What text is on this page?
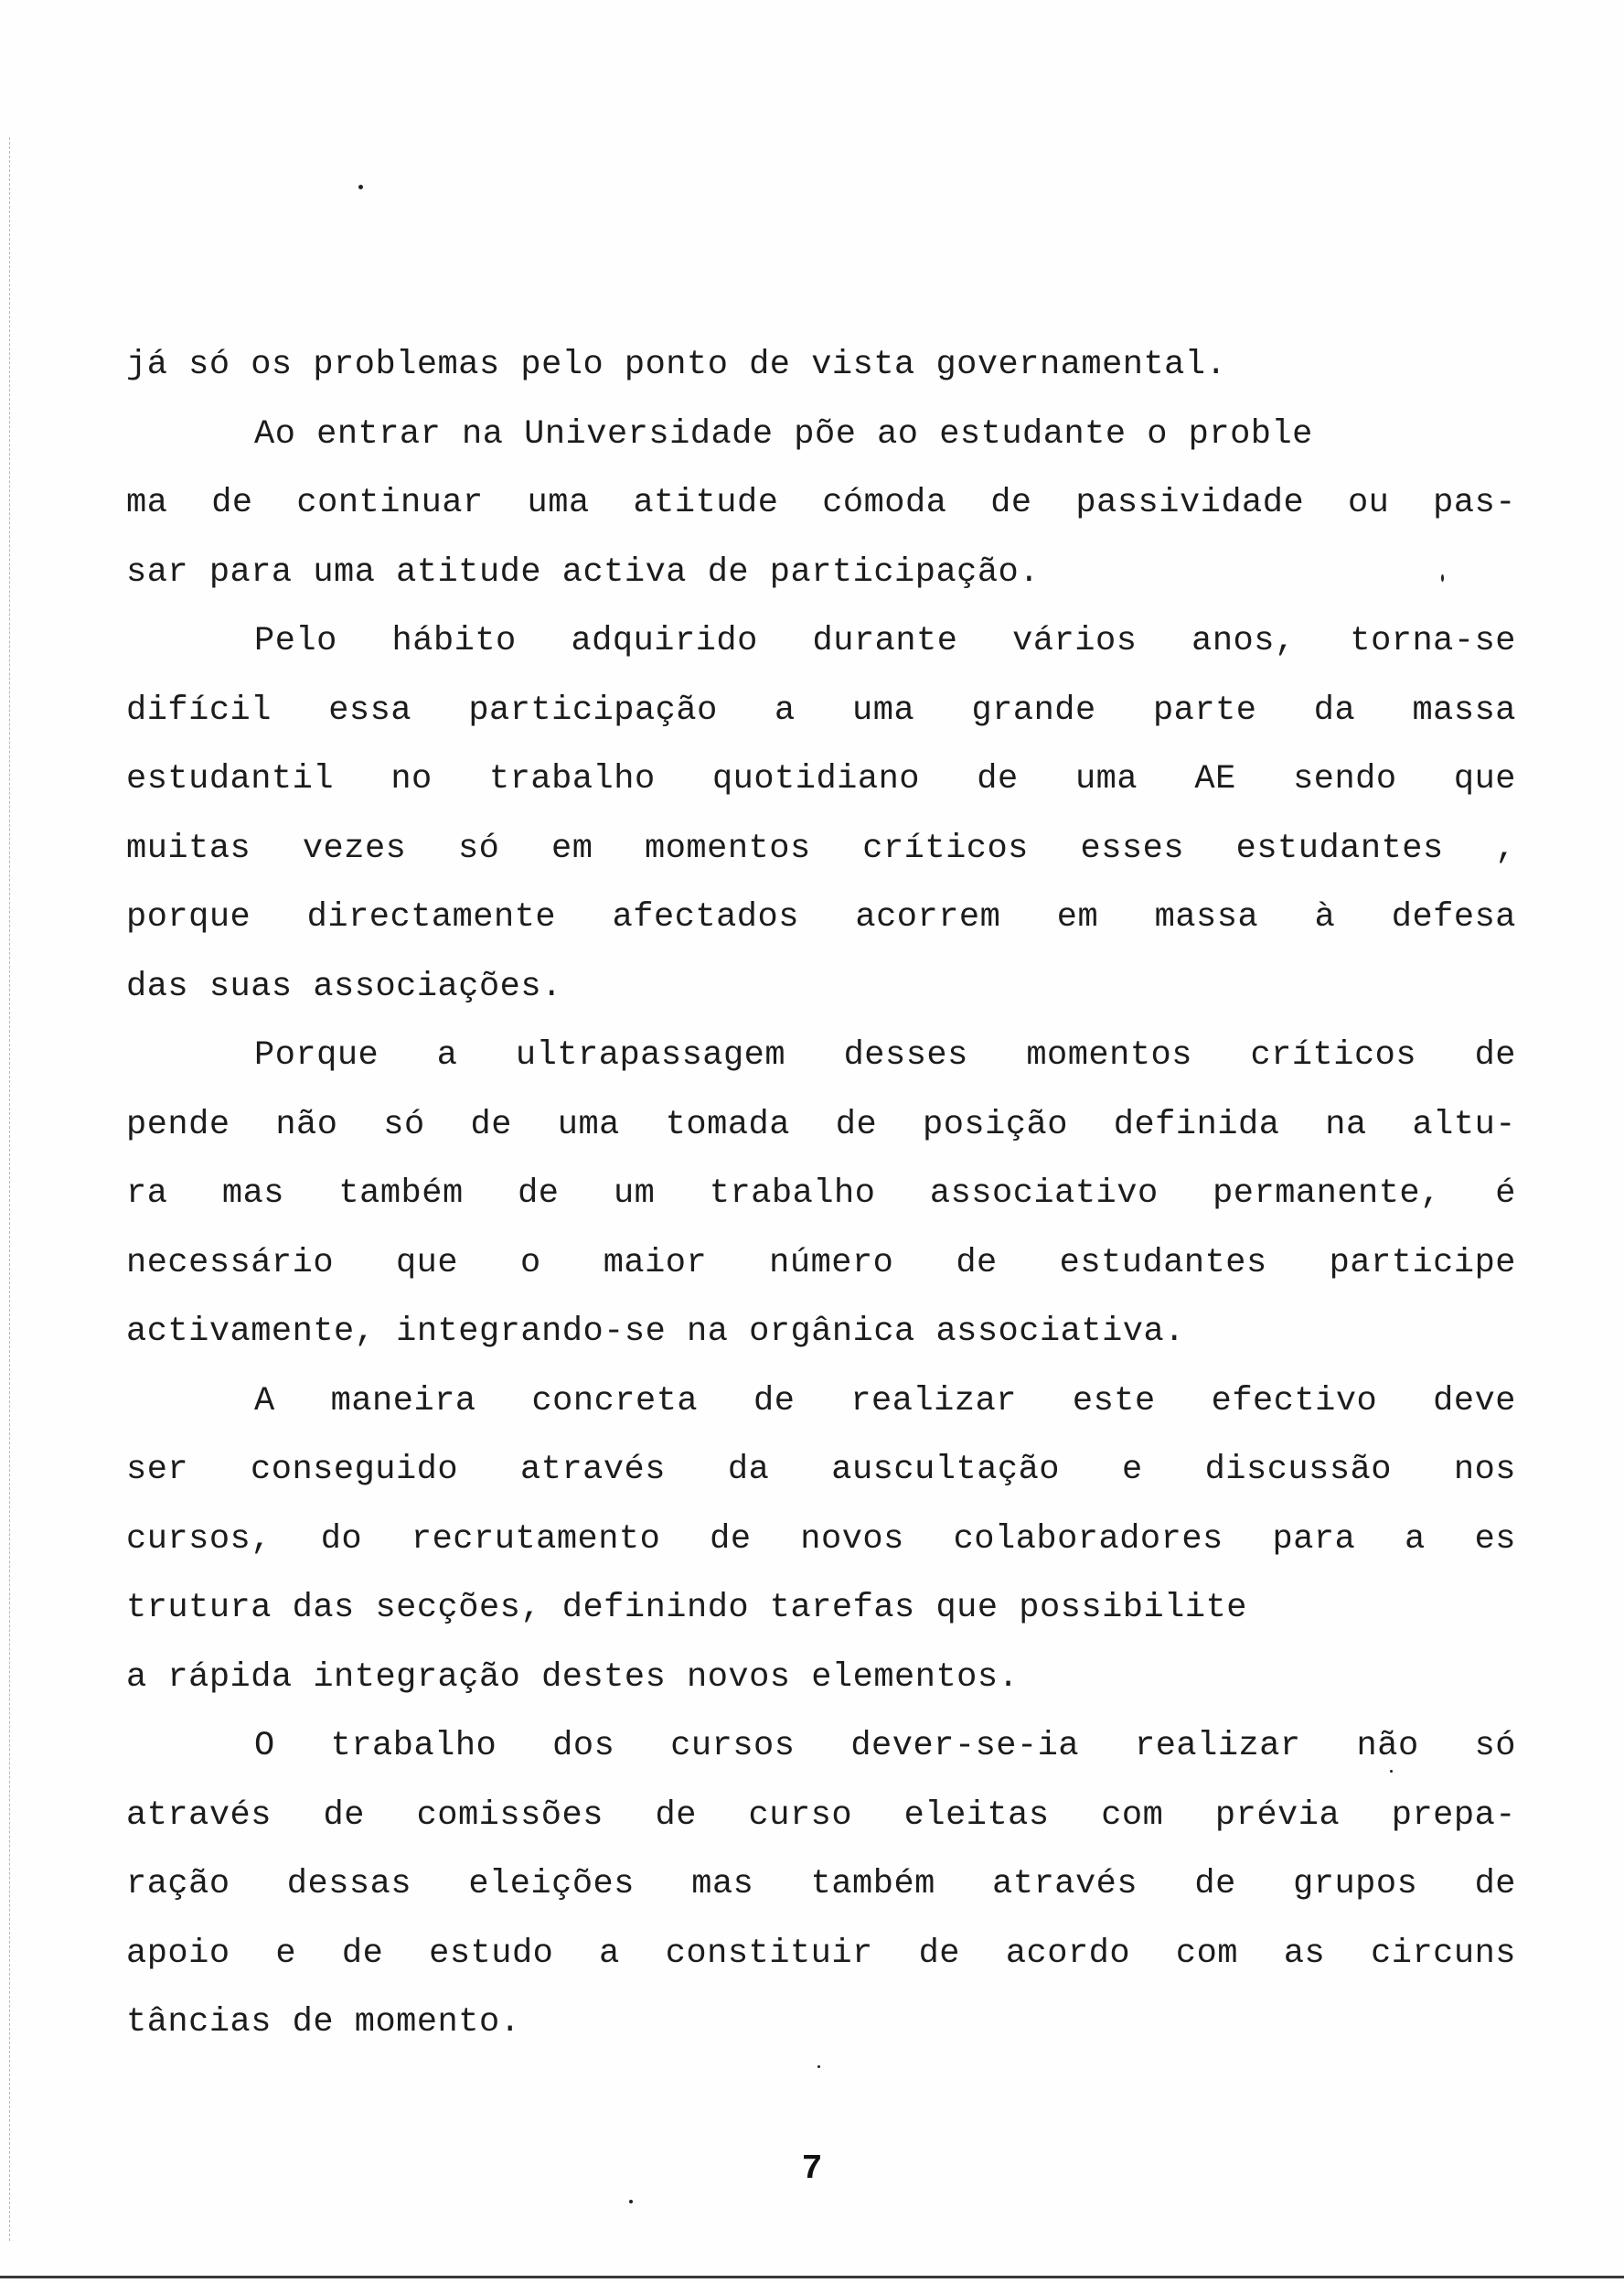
já só os problemas pelo ponto de vista governamental.
Ao entrar na Universidade põe ao estudante o proble
ma de continuar uma atitude cómoda de passividade ou pas-
sar para uma atitude activa de participação.
Pelo hábito adquirido durante vários anos, torna-se
difícil essa participação a uma grande parte da massa
estudantil no trabalho quotidiano de uma AE sendo que
muitas vezes só em momentos críticos esses estudantes ,
porque directamente afectados acorrem em massa à defesa
das suas associações.
Porque a ultrapassagem desses momentos críticos de
pende não só de uma tomada de posição definida na altu-
ra mas também de um trabalho associativo permanente, é
necessário que o maior número de estudantes participe
activamente, integrando-se na orgânica associativa.
A maneira concreta de realizar este efectivo deve
ser conseguido através da auscultação e discussão nos
cursos, do recrutamento de novos colaboradores para a es
trutura das secções, definindo tarefas que possibilite
a rápida integração destes novos elementos.
O trabalho dos cursos dever-se-ia realizar não só
através de comissões de curso eleitas com prévia prepa-
ração dessas eleições mas também através de grupos de
apoio e de estudo a constituir de acordo com as circuns
tâncias de momento.
7
